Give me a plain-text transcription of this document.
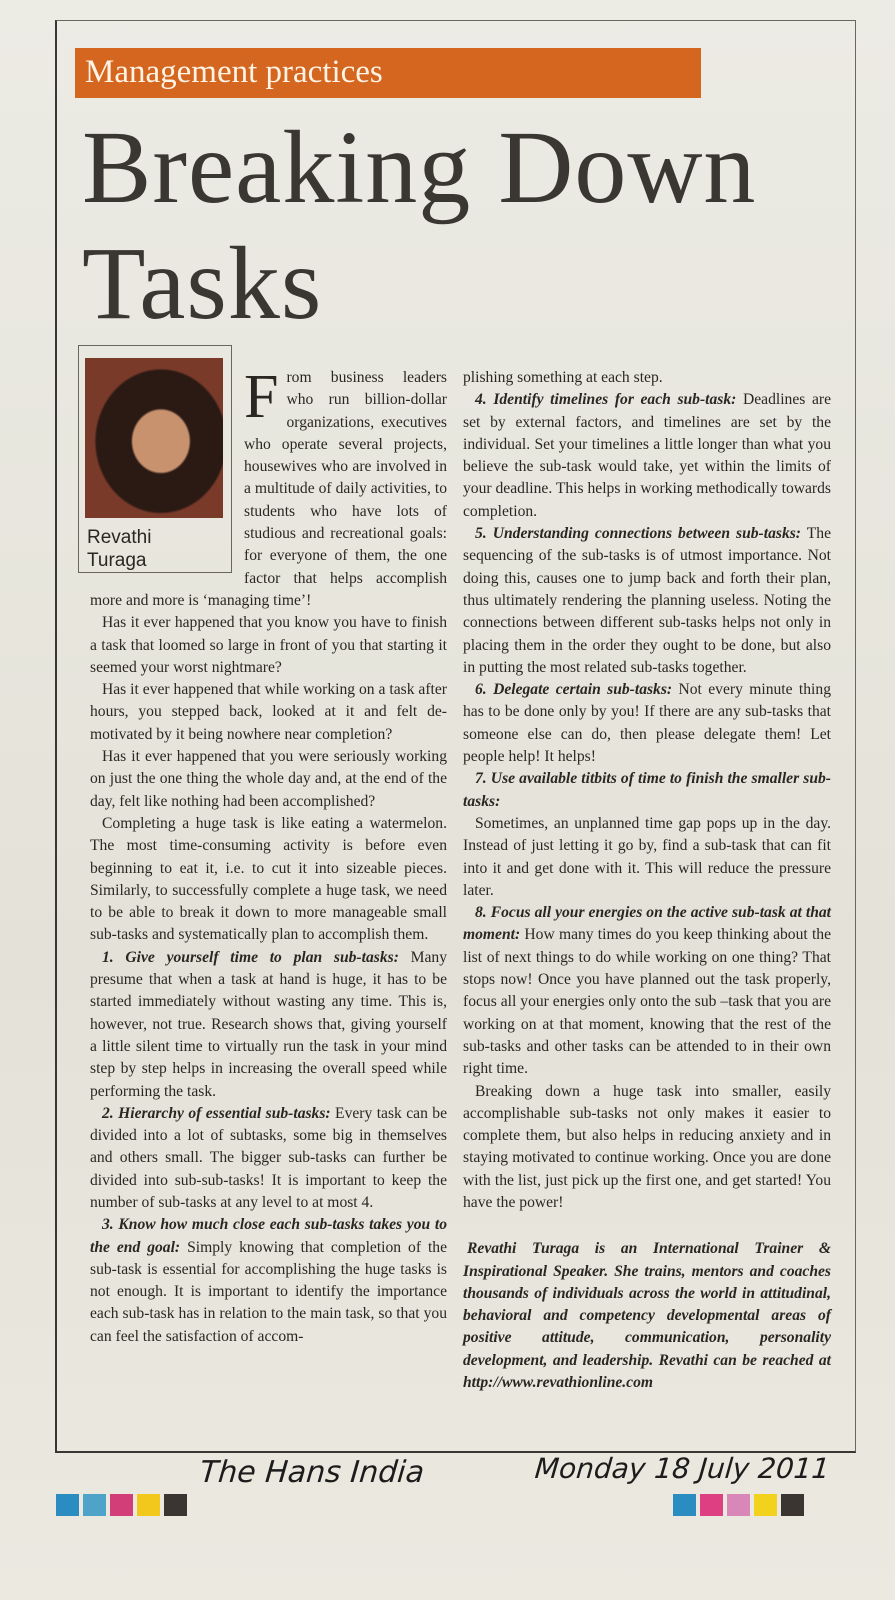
Management practices
Breaking Down
Tasks
Revathi
Turaga

From business leaders who run billion-dollar organizations, executives who operate several projects, housewives who are involved in a multitude of daily activities, to students who have lots of studious and recreational goals: for everyone of them, the one factor that helps accomplish more and more is ‘managing time’!

Has it ever happened that you know you have to finish a task that loomed so large in front of you that starting it seemed your worst nightmare?

Has it ever happened that while working on a task after hours, you stepped back, looked at it and felt de-motivated by it being nowhere near completion?

Has it ever happened that you were seriously working on just the one thing the whole day and, at the end of the day, felt like nothing had been accomplished?

Completing a huge task is like eating a watermelon. The most time-consuming activity is before even beginning to eat it, i.e. to cut it into sizeable pieces. Similarly, to successfully complete a huge task, we need to be able to break it down to more manageable small sub-tasks and systematically plan to accomplish them.

1. Give yourself time to plan sub-tasks: Many presume that when a task at hand is huge, it has to be started immediately without wasting any time. This is, however, not true. Research shows that, giving yourself a little silent time to virtually run the task in your mind step by step helps in increasing the overall speed while performing the task.

2. Hierarchy of essential sub-tasks: Every task can be divided into a lot of subtasks, some big in themselves and others small. The bigger sub-tasks can further be divided into sub-sub-tasks! It is important to keep the number of sub-tasks at any level to at most 4.

3. Know how much close each sub-tasks takes you to the end goal: Simply knowing that completion of the sub-task is essential for accomplishing the huge tasks is not enough. It is important to identify the importance each sub-task has in relation to the main task, so that you can feel the satisfaction of accom-

plishing something at each step.

4. Identify timelines for each sub-task: Deadlines are set by external factors, and timelines are set by the individual. Set your timelines a little longer than what you believe the sub-task would take, yet within the limits of your deadline. This helps in working methodically towards completion.

5. Understanding connections between sub-tasks: The sequencing of the sub-tasks is of utmost importance. Not doing this, causes one to jump back and forth their plan, thus ultimately rendering the planning useless. Noting the connections between different sub-tasks helps not only in placing them in the order they ought to be done, but also in putting the most related sub-tasks together.

6. Delegate certain sub-tasks: Not every minute thing has to be done only by you! If there are any sub-tasks that someone else can do, then please delegate them! Let people help! It helps!

7. Use available titbits of time to finish the smaller sub-tasks:

Sometimes, an unplanned time gap pops up in the day. Instead of just letting it go by, find a sub-task that can fit into it and get done with it. This will reduce the pressure later.

8. Focus all your energies on the active sub-task at that moment: How many times do you keep thinking about the list of next things to do while working on one thing? That stops now! Once you have planned out the task properly, focus all your energies only onto the sub –task that you are working on at that moment, knowing that the rest of the sub-tasks and other tasks can be attended to in their own right time.

Breaking down a huge task into smaller, easily accomplishable sub-tasks not only makes it easier to complete them, but also helps in reducing anxiety and in staying motivated to continue working. Once you are done with the list, just pick up the first one, and get started! You have the power!

Revathi Turaga is an International Trainer & Inspirational Speaker. She trains, mentors and coaches thousands of individuals across the world in attitudinal, behavioral and competency developmental areas of positive attitude, communication, personality development, and leadership. Revathi can be reached at http://www.revathionline.com

The Hans India	Monday 18 July 2011
